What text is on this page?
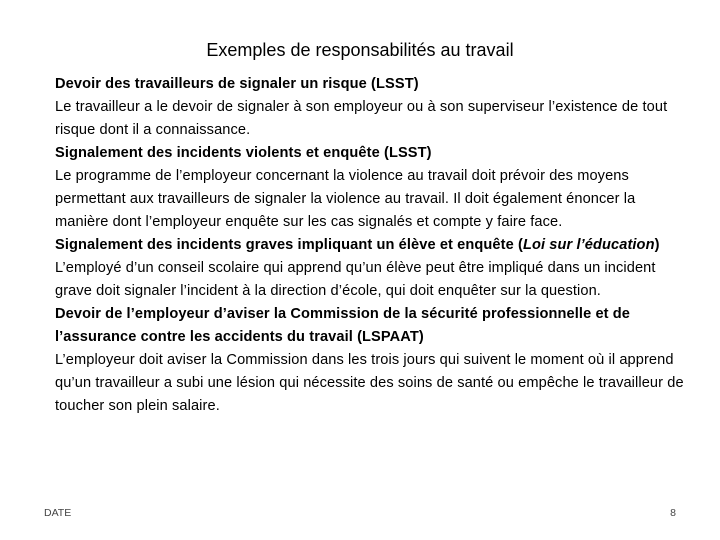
Exemples de responsabilités au travail

Devoir des travailleurs de signaler un risque (LSST)

Le travailleur a le devoir de signaler à son employeur ou à son superviseur l’existence de tout risque dont il a connaissance.

Signalement des incidents violents et enquête (LSST)

Le programme de l’employeur concernant la violence au travail doit prévoir des moyens permettant aux travailleurs de signaler la violence au travail. Il doit également énoncer la manière dont l’employeur enquête sur les cas signalés et compte y faire face.

Signalement des incidents graves impliquant un élève et enquête (Loi sur l’éducation)

L’employé d’un conseil scolaire qui apprend qu’un élève peut être impliqué dans un incident grave doit signaler l’incident à la direction d’école, qui doit enquêter sur la question.

Devoir de l’employeur d’aviser la Commission de la sécurité professionnelle et de l’assurance contre les accidents du travail (LSPAAT)

L’employeur doit aviser la Commission dans les trois jours qui suivent le moment où il apprend qu’un travailleur a subi une lésion qui nécessite des soins de santé ou empêche le travailleur de toucher son plein salaire.

DATE	8
